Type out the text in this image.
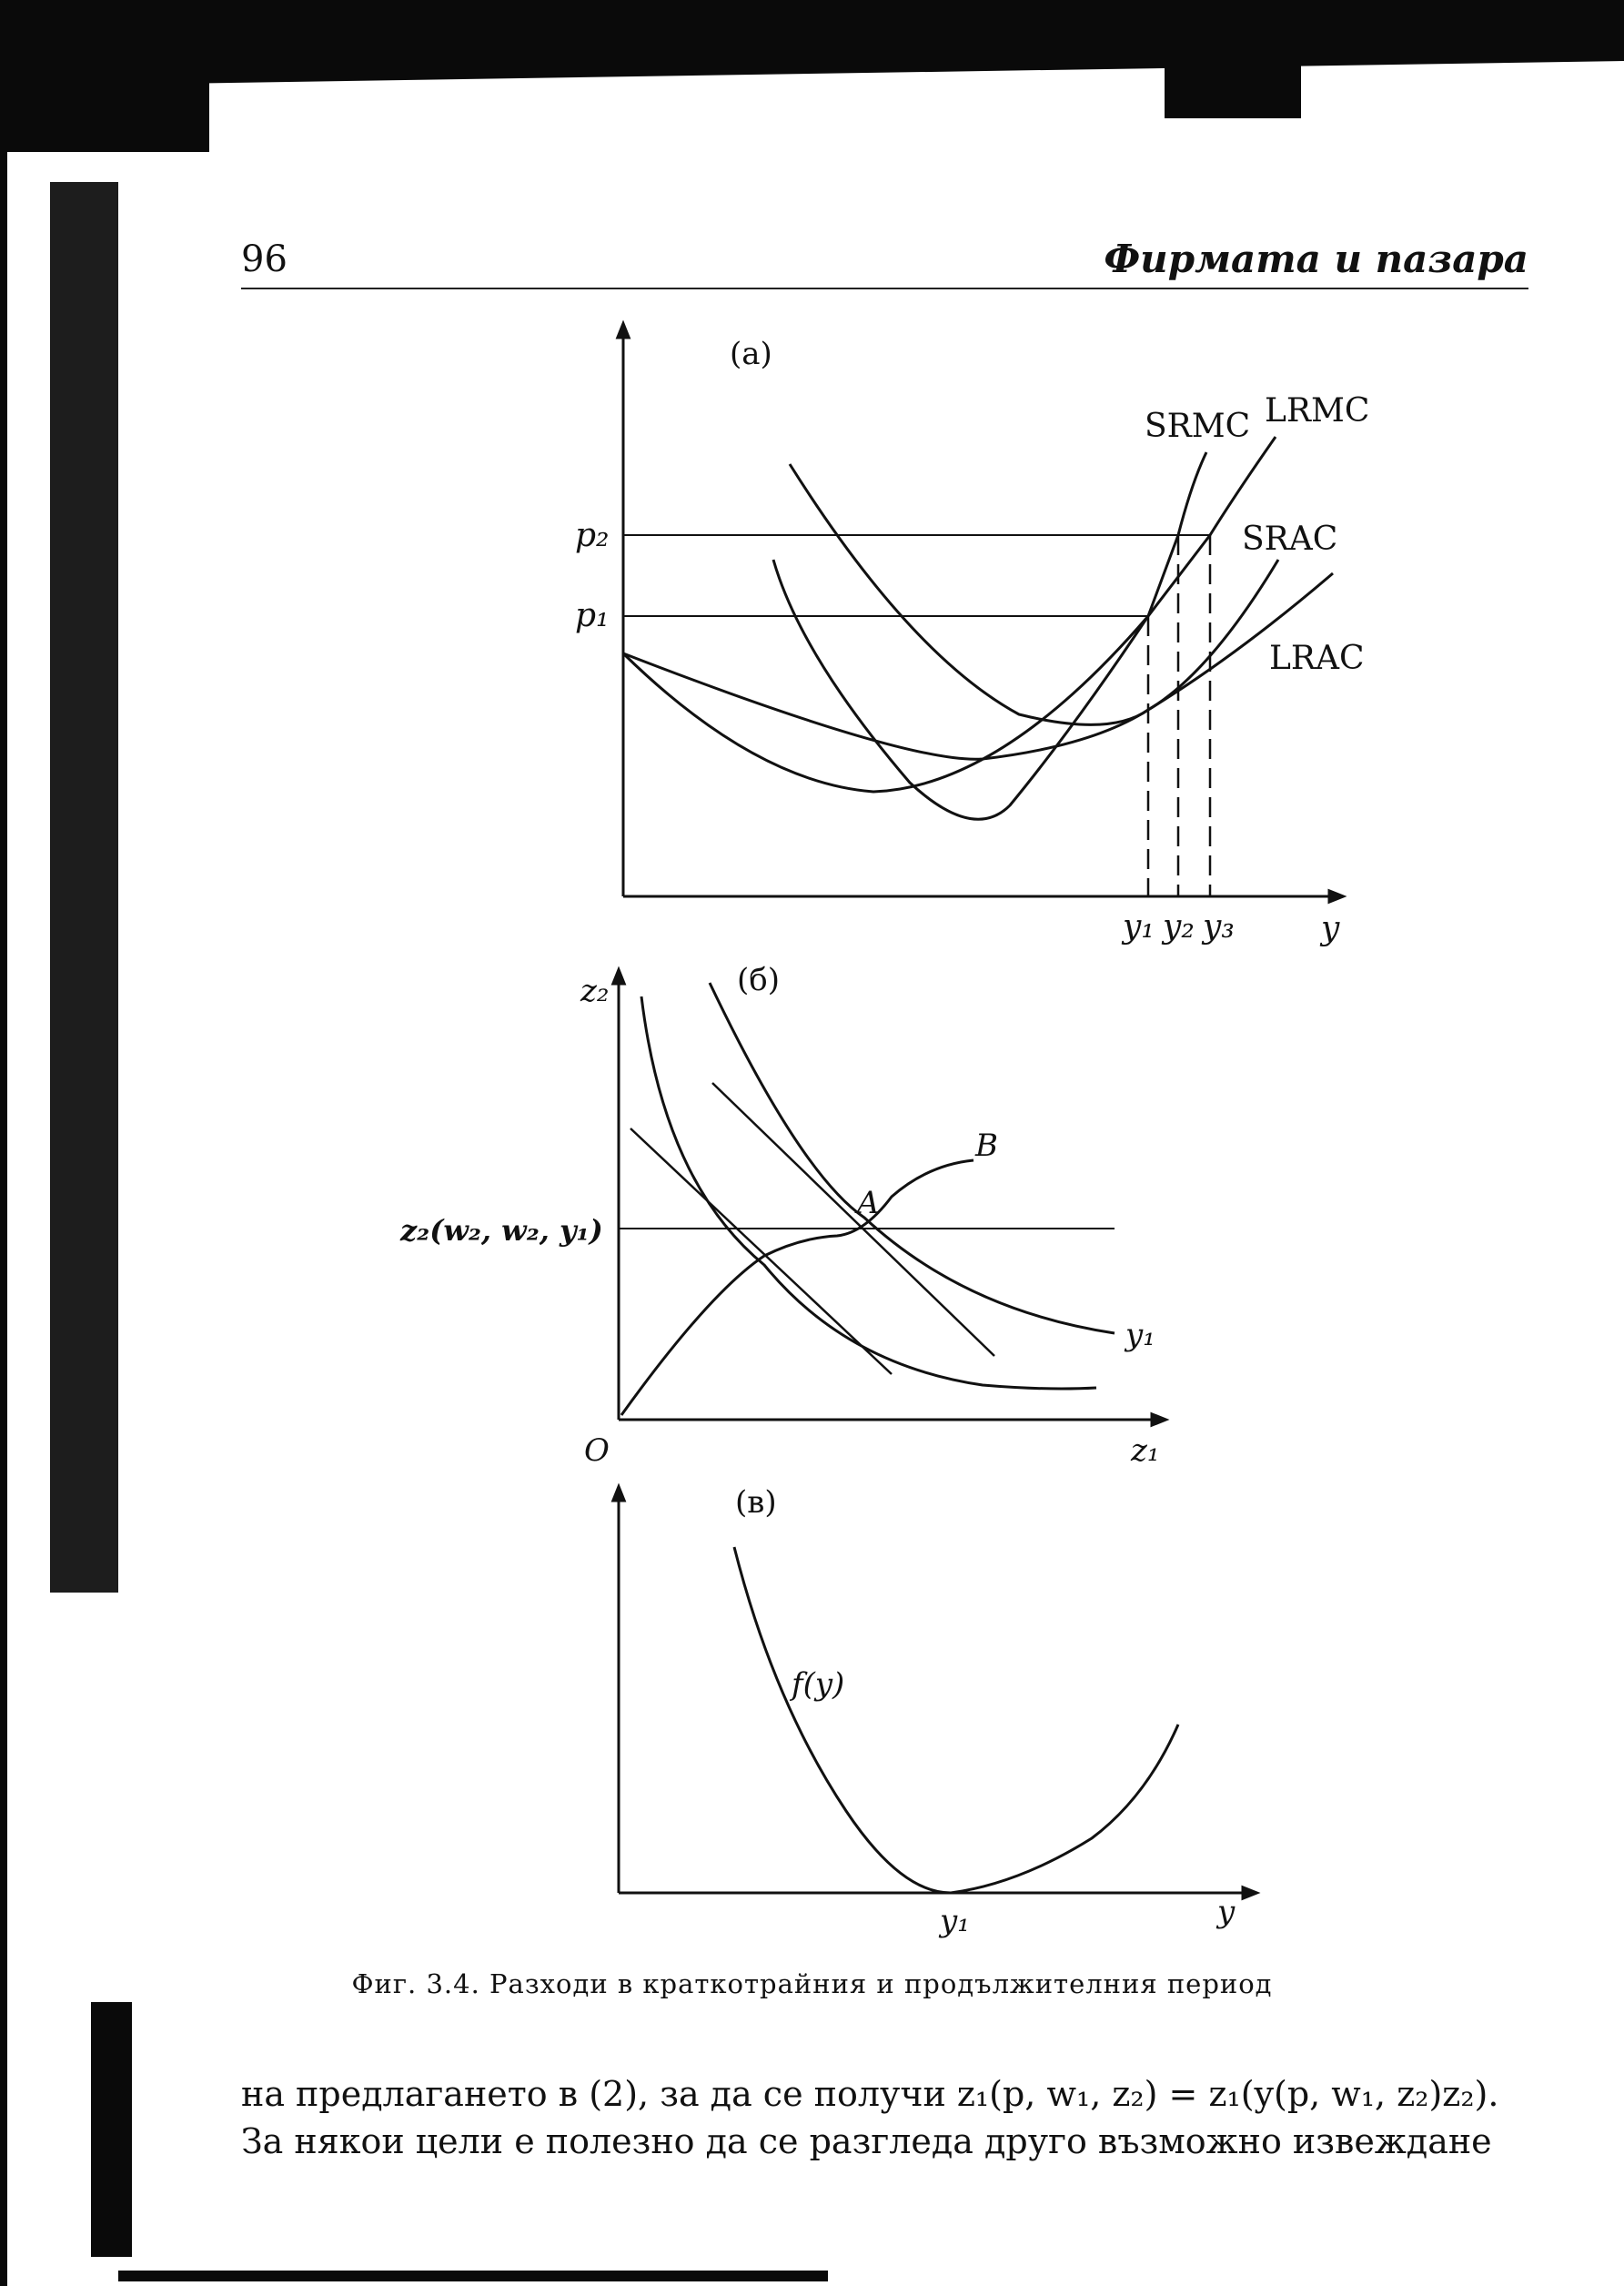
96	Фирмата и пазара
(а)
p₂
p₁
y₁ y₂ y₃	y
SRMC LRMC
SRAC
LRAC
(б)
z₂
z₁
O
z₂(w₂, w₂, y₁)
A
B
y₁
(в)
y
y₁
f(y)
Фиг. 3.4. Разходи в краткотрайния и продължителния период
на предлагането в (2), за да се получи z₁(p, w₁, z₂) = z₁(y(p, w₁, z₂)z₂).
За някои цели е полезно да се разгледа друго възможно извеждане
